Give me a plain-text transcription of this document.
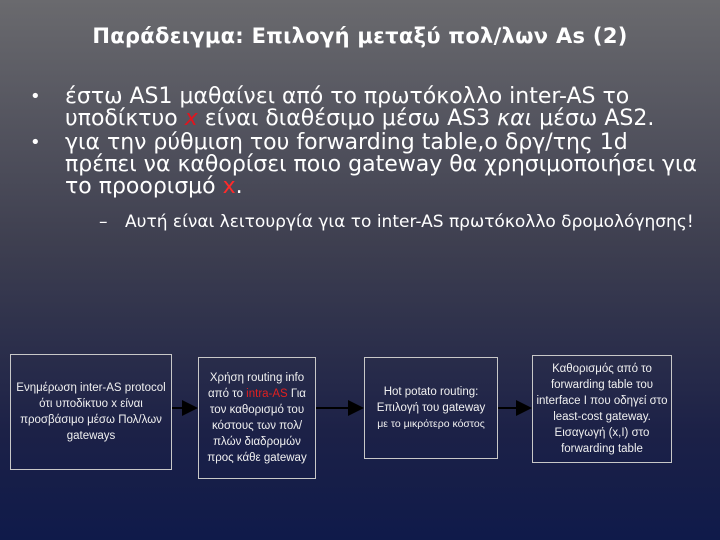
Παράδειγμα: Επιλογή μεταξύ πολ/λων As (2)
• έστω AS1 μαθαίνει από το πρωτόκολλο inter-AS το υποδίκτυο x είναι διαθέσιμο μέσω AS3 και μέσω AS2.
• για την ρύθμιση του forwarding table,ο δργ/της 1d πρέπει να καθορίσει ποιο gateway θα χρησιμοποιήσει για το προορισμό x.
– Αυτή είναι λειτουργία για το inter-AS πρωτόκολλο δρομολόγησης!
Ενημέρωση inter-AS protocol ότι υποδίκτυο x είναι προσβάσιμο μέσω Πολ/λων gateways
Χρήση routing info από το intra-AS Για τον καθορισμό του κόστους των πολ/πλών διαδρομών προς κάθε gateway
Hot potato routing: Επιλογή του gateway
με το μικρότερο κόστος
Καθορισμός από το forwarding table του interface I που οδηγεί στο least-cost gateway. Εισαγωγή (x,I) στο forwarding table
